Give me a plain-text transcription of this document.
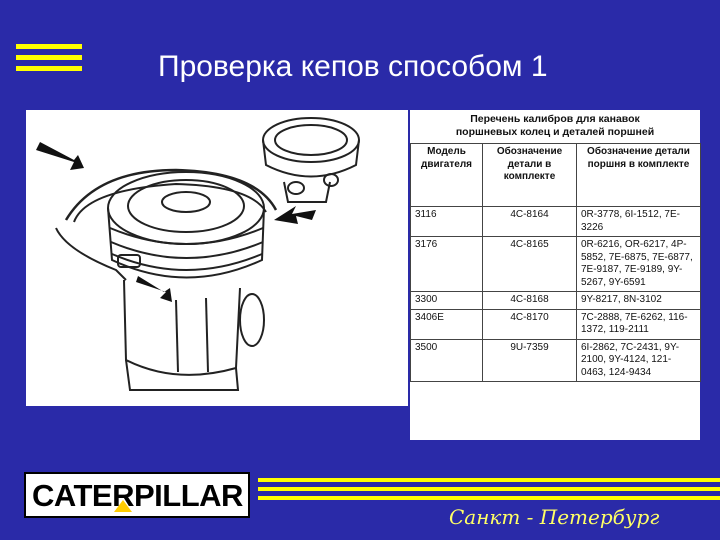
Проверка кепов способом 1
Перечень калибров для канавок
поршневых колец и деталей поршней
Модель двигателя	Обозначение детали в комплекте	Обозначение детали поршня в комплекте
3116	4C-8164	0R-3778, 6I-1512, 7E-3226
3176	4C-8165	0R-6216, OR-6217, 4P-5852, 7E-6875, 7E-6877, 7E-9187, 7E-9189, 9Y-5267, 9Y-6591
3300	4C-8168	9Y-8217, 8N-3102
3406E	4C-8170	7C-2888, 7E-6262, 116-1372, 119-2111
3500	9U-7359	6I-2862, 7C-2431, 9Y-2100, 9Y-4124, 121-0463, 124-9434
CATERPILLAR
Санкт - Петербург
